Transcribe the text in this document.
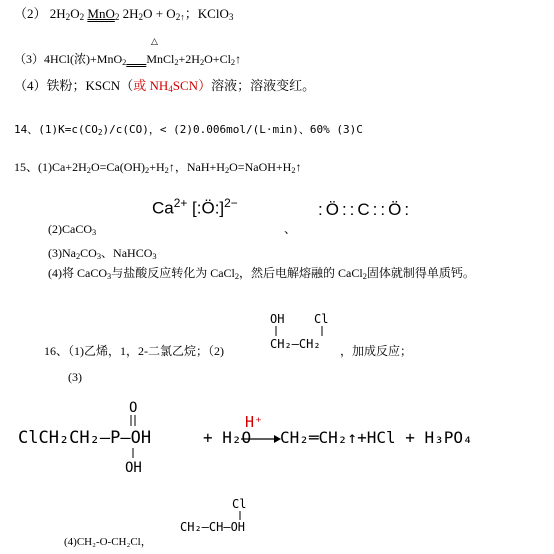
（2） $2H_2O_2$ MnO$_2$ $2H_2O + O_{2↑}$；KClO$_3$
△
（3）4HCl(浓)+MnO$_2$ $MnCl_2+2H_2O+Cl_2↑$
（4）铁粉；KSCN（或 $NH_4SCN$）溶液；溶液变红。
14、$(1)K=c(CO_2)/c(CO)$，< (2)0.006mol/(L·min)、60% (3)C
15、$(1)Ca+2H_2O=Ca(OH)_2+H_2↑$，$NaH+H_2O=NaOH+H_2↑$
$Ca^{2+}$ [:Ö:]$^{2-}$	:Ö::C::Ö:
、
(2)CaCO$_3$
$(3)Na_2CO_3$、NaHCO$_3$
(4)将 CaCO$_3$与盐酸反应转化为 CaCl$_2$，然后电解熔融的 CaCl$_2$固体就制得单质钙。
16、（1)乙烯，1，2-二氯乙烷；（2)
OH Cl
CH₂—CH₂ ，加成反应；
(3)
O
ClCH₂CH₂—P—OH
OH
+ H₂O
H⁺
CH₂═CH₂↑+HCl + H₃PO₄
Cl
CH₂—CH—OH
(4)CH₂-O-CH₂Cl，
